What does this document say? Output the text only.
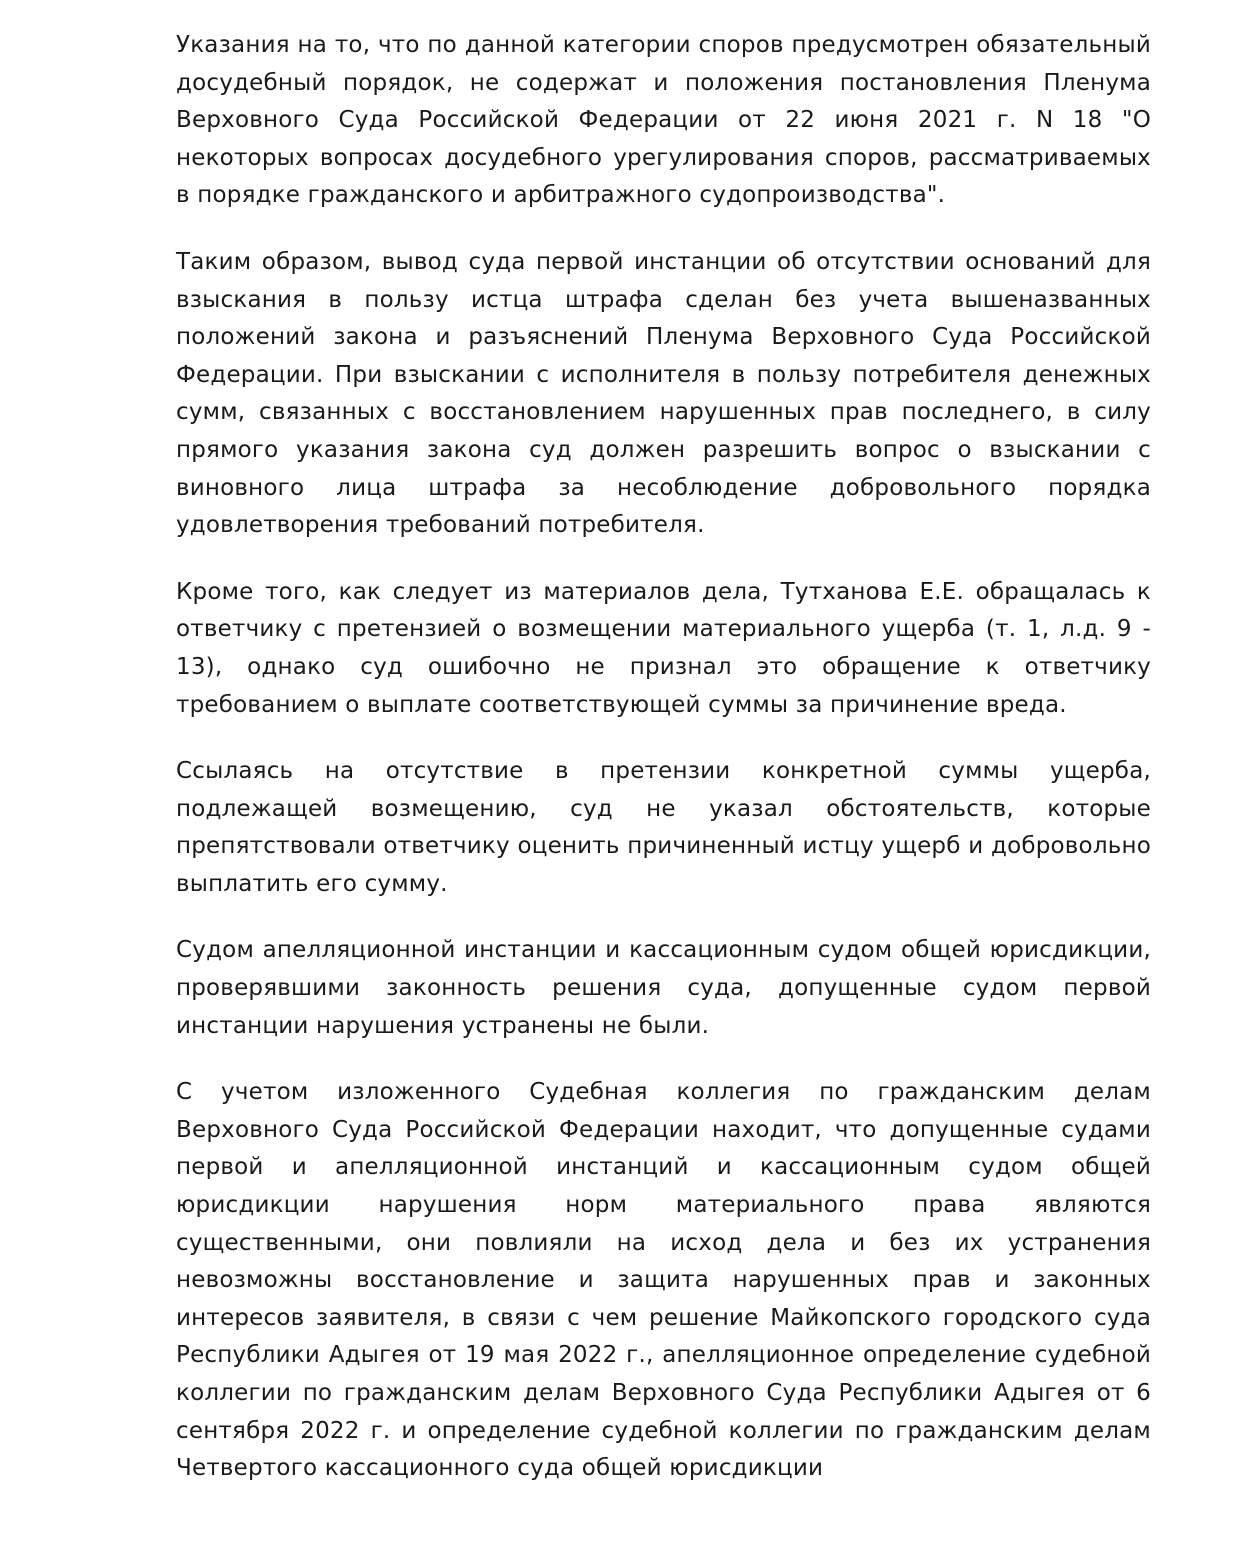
Указания на то, что по данной категории споров предусмотрен обязательный досудебный порядок, не содержат и положения постановления Пленума Верховного Суда Российской Федерации от 22 июня 2021 г. N 18 "О некоторых вопросах досудебного урегулирования споров, рассматриваемых в порядке гражданского и арбитражного судопроизводства".

Таким образом, вывод суда первой инстанции об отсутствии оснований для взыскания в пользу истца штрафа сделан без учета вышеназванных положений закона и разъяснений Пленума Верховного Суда Российской Федерации. При взыскании с исполнителя в пользу потребителя денежных сумм, связанных с восстановлением нарушенных прав последнего, в силу прямого указания закона суд должен разрешить вопрос о взыскании с виновного лица штрафа за несоблюдение добровольного порядка удовлетворения требований потребителя.

Кроме того, как следует из материалов дела, Тутханова Е.Е. обращалась к ответчику с претензией о возмещении материального ущерба (т. 1, л.д. 9 - 13), однако суд ошибочно не признал это обращение к ответчику требованием о выплате соответствующей суммы за причинение вреда.

Ссылаясь на отсутствие в претензии конкретной суммы ущерба, подлежащей возмещению, суд не указал обстоятельств, которые препятствовали ответчику оценить причиненный истцу ущерб и добровольно выплатить его сумму.

Судом апелляционной инстанции и кассационным судом общей юрисдикции, проверявшими законность решения суда, допущенные судом первой инстанции нарушения устранены не были.

С учетом изложенного Судебная коллегия по гражданским делам Верховного Суда Российской Федерации находит, что допущенные судами первой и апелляционной инстанций и кассационным судом общей юрисдикции нарушения норм материального права являются существенными, они повлияли на исход дела и без их устранения невозможны восстановление и защита нарушенных прав и законных интересов заявителя, в связи с чем решение Майкопского городского суда Республики Адыгея от 19 мая 2022 г., апелляционное определение судебной коллегии по гражданским делам Верховного Суда Республики Адыгея от 6 сентября 2022 г. и определение судебной коллегии по гражданским делам Четвертого кассационного суда общей юрисдикции
